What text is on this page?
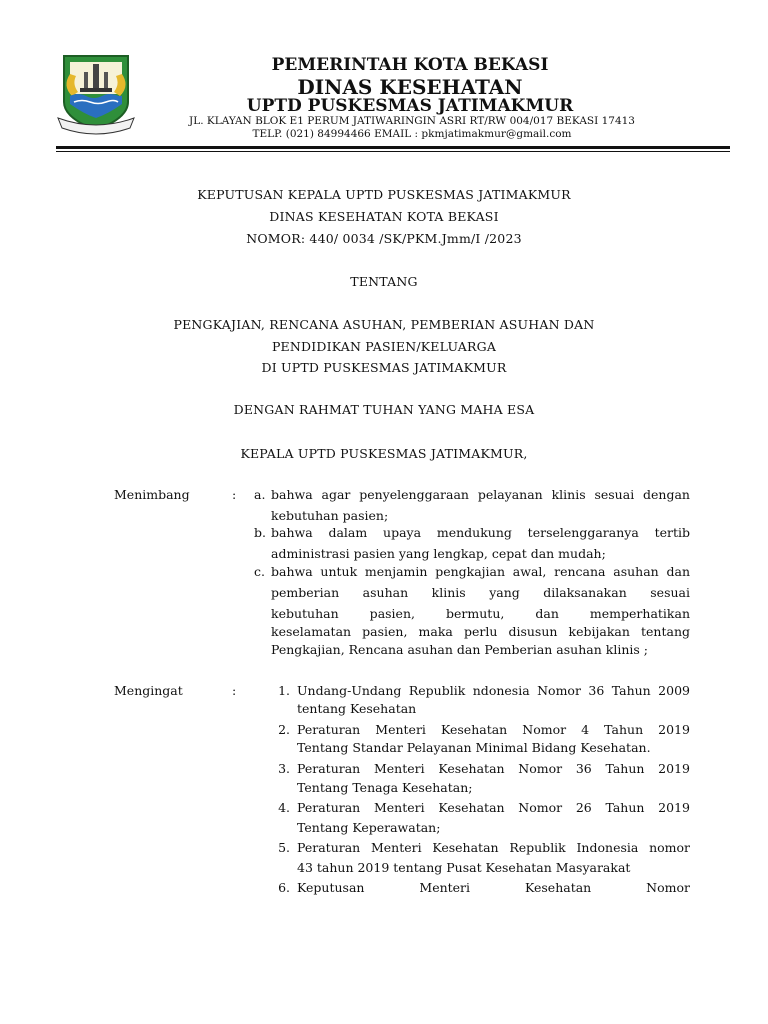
PEMERINTAH KOTA BEKASI
DINAS KESEHATAN
UPTD PUSKESMAS JATIMAKMUR
JL. KLAYAN BLOK E1 PERUM JATIWARINGIN ASRI RT/RW 004/017 BEKASI 17413
TELP. (021) 84994466 EMAIL : pkmjatimakmur@gmail.com
KEPUTUSAN KEPALA UPTD PUSKESMAS JATIMAKMUR
DINAS KESEHATAN KOTA BEKASI
NOMOR: 440/ 0034 /SK/PKM.Jmm/I /2023
TENTANG
PENGKAJIAN, RENCANA ASUHAN, PEMBERIAN ASUHAN DAN
PENDIDIKAN PASIEN/KELUARGA
DI UPTD PUSKESMAS JATIMAKMUR
DENGAN RAHMAT TUHAN YANG MAHA ESA
KEPALA UPTD PUSKESMAS JATIMAKMUR,
Menimbang	: a. bahwa agar penyelenggaraan pelayanan klinis sesuai dengan
kebutuhan pasien;
b. bahwa dalam upaya mendukung terselenggaranya tertib
administrasi pasien yang lengkap, cepat dan mudah;
c. bahwa untuk menjamin pengkajian awal, rencana asuhan dan
pemberian asuhan klinis yang dilaksanakan sesuai
kebutuhan pasien, bermutu, dan memperhatikan
keselamatan pasien, maka perlu disusun kebijakan tentang
Pengkajian, Rencana asuhan dan Pemberian asuhan klinis ;
Mengingat	:	1. Undang-Undang Republik ndonesia Nomor 36 Tahun 2009
tentang Kesehatan
2. Peraturan Menteri Kesehatan Nomor 4 Tahun 2019
Tentang Standar Pelayanan Minimal Bidang Kesehatan.
3. Peraturan Menteri Kesehatan Nomor 36 Tahun 2019
Tentang Tenaga Kesehatan;
4. Peraturan Menteri Kesehatan Nomor 26 Tahun 2019
Tentang Keperawatan;
5. Peraturan Menteri Kesehatan Republik Indonesia nomor
43 tahun 2019 tentang Pusat Kesehatan Masyarakat
6. Keputusan Menteri Kesehatan Nomor
